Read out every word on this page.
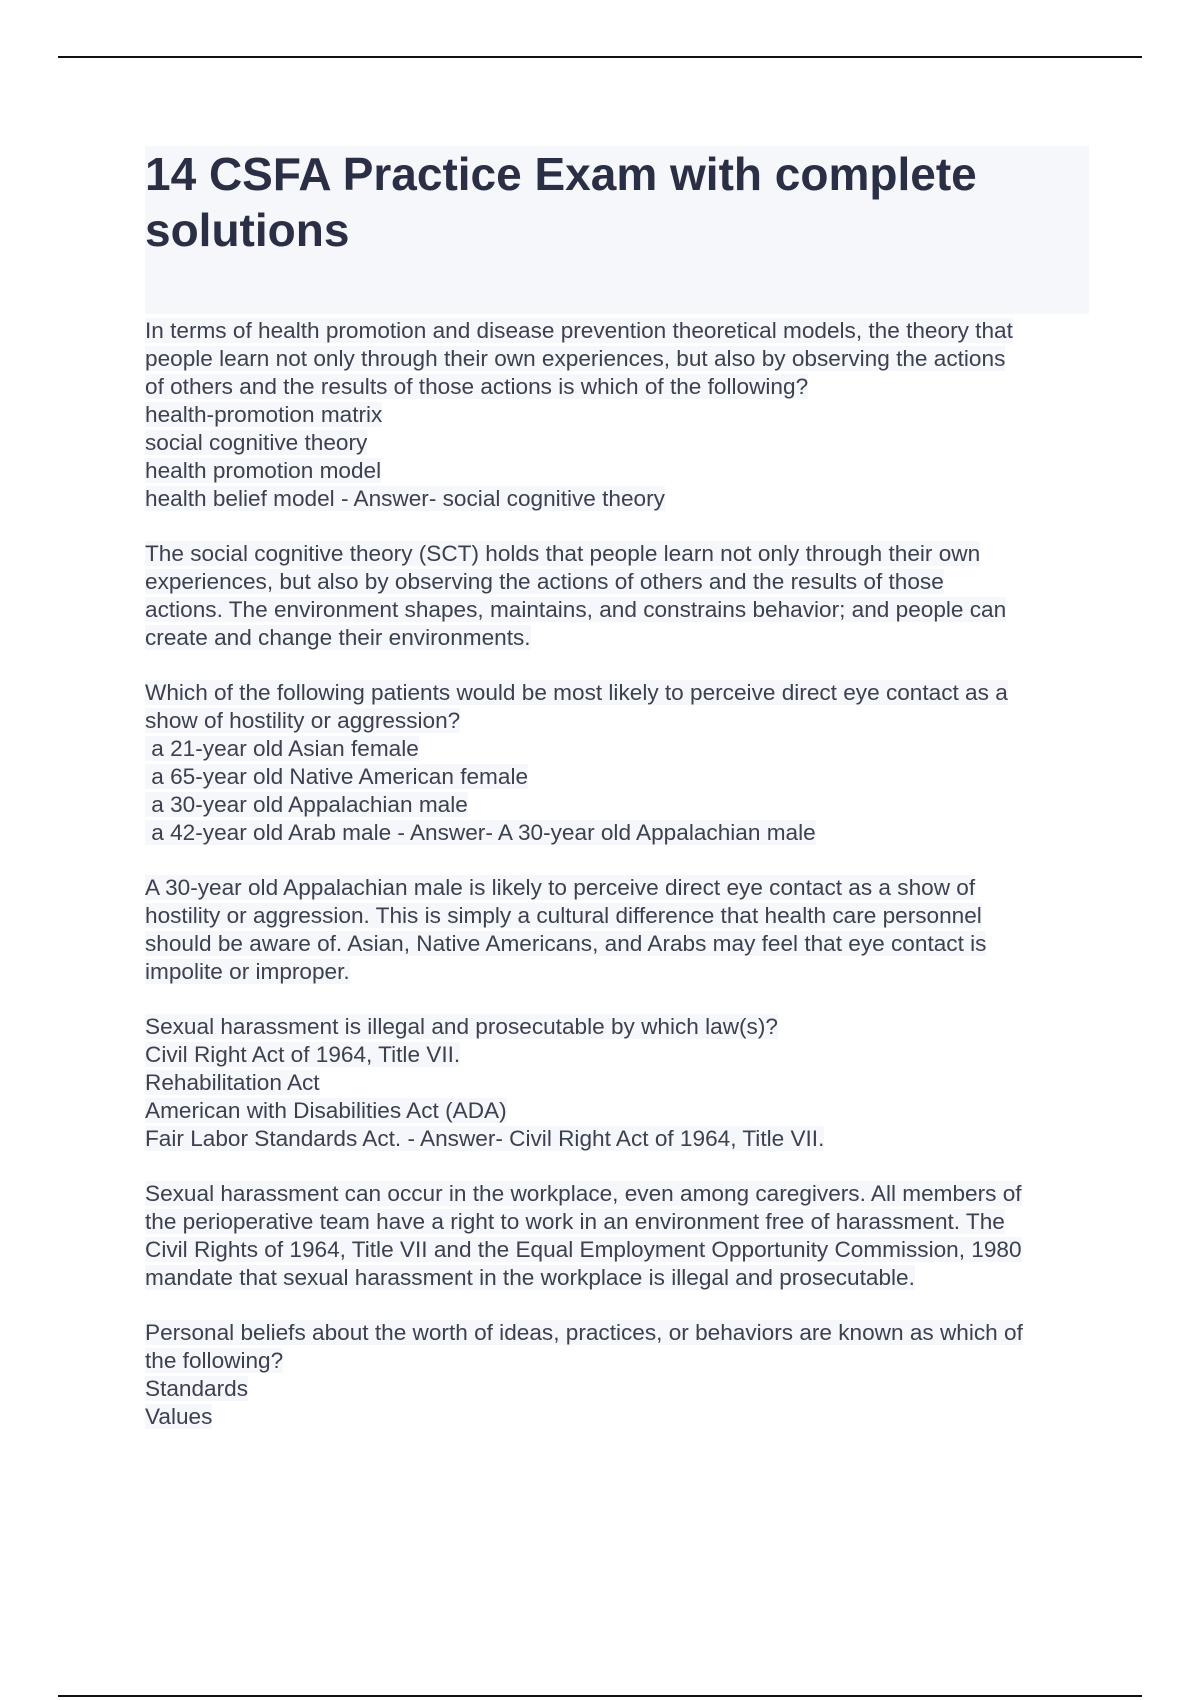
14 CSFA Practice Exam with complete
solutions
In terms of health promotion and disease prevention theoretical models, the theory that
people learn not only through their own experiences, but also by observing the actions
of others and the results of those actions is which of the following?
health-promotion matrix
social cognitive theory
health promotion model
health belief model - Answer- social cognitive theory
The social cognitive theory (SCT) holds that people learn not only through their own
experiences, but also by observing the actions of others and the results of those
actions. The environment shapes, maintains, and constrains behavior; and people can
create and change their environments.
Which of the following patients would be most likely to perceive direct eye contact as a
show of hostility or aggression?
a 21-year old Asian female
a 65-year old Native American female
a 30-year old Appalachian male
a 42-year old Arab male - Answer- A 30-year old Appalachian male
A 30-year old Appalachian male is likely to perceive direct eye contact as a show of
hostility or aggression. This is simply a cultural difference that health care personnel
should be aware of. Asian, Native Americans, and Arabs may feel that eye contact is
impolite or improper.
Sexual harassment is illegal and prosecutable by which law(s)?
Civil Right Act of 1964, Title VII.
Rehabilitation Act
American with Disabilities Act (ADA)
Fair Labor Standards Act. - Answer- Civil Right Act of 1964, Title VII.
Sexual harassment can occur in the workplace, even among caregivers. All members of
the perioperative team have a right to work in an environment free of harassment. The
Civil Rights of 1964, Title VII and the Equal Employment Opportunity Commission, 1980
mandate that sexual harassment in the workplace is illegal and prosecutable.
Personal beliefs about the worth of ideas, practices, or behaviors are known as which of
the following?
Standards
Values
